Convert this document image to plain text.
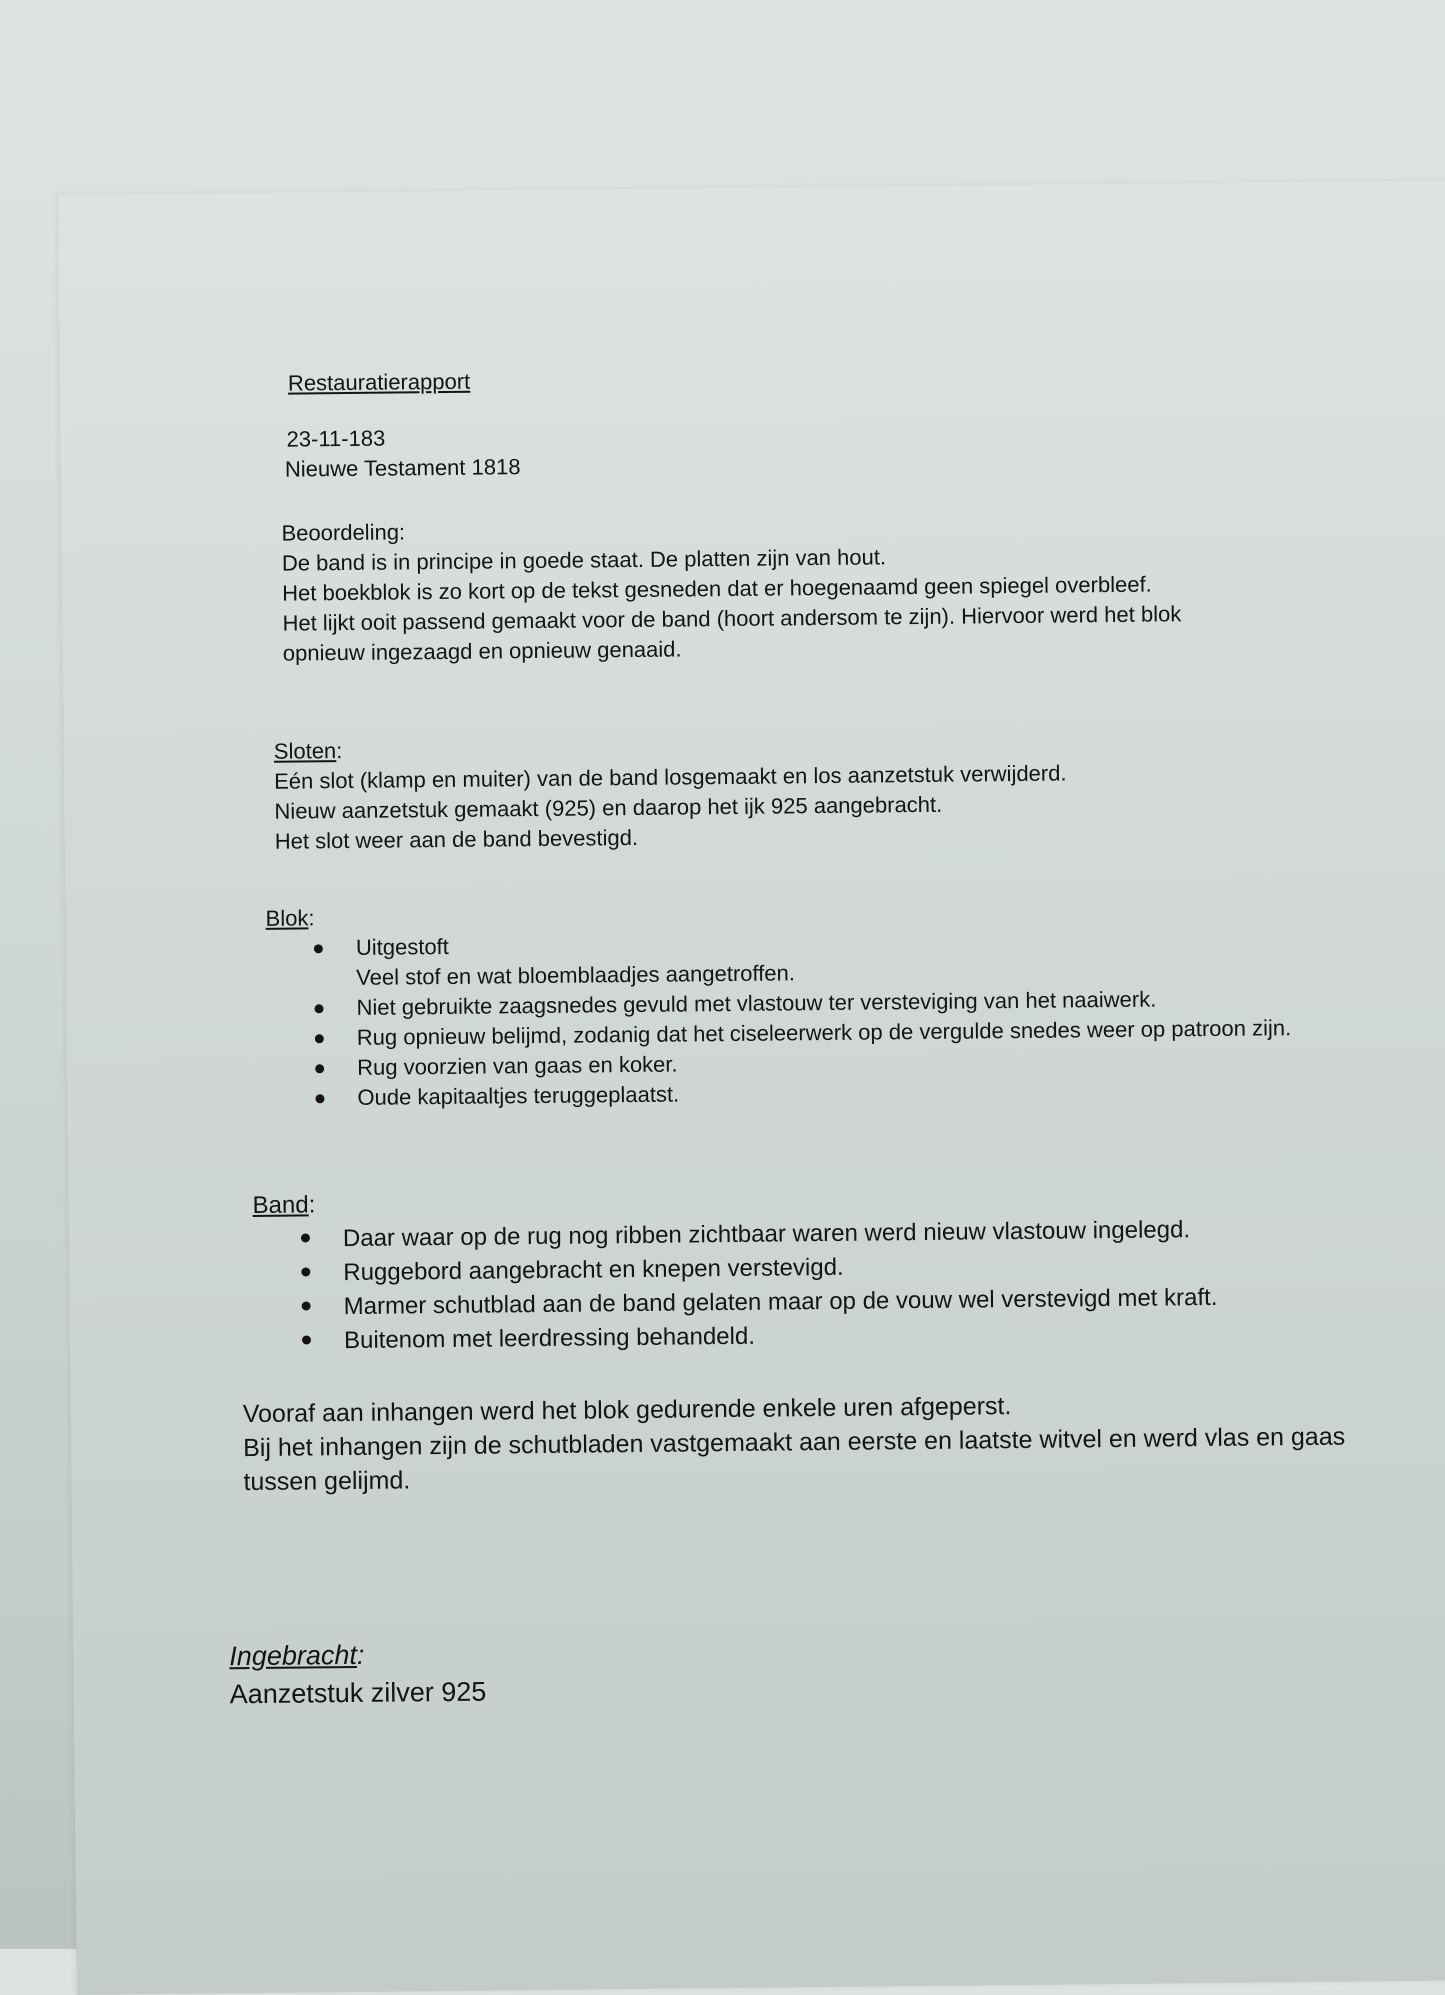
Restauratierapport

23-11-183

Nieuwe Testament 1818

Beoordeling:

De band is in principe in goede staat. De platten zijn van hout.

Het boekblok is zo kort op de tekst gesneden dat er hoegenaamd geen spiegel overbleef.

Het lijkt ooit passend gemaakt voor de band (hoort andersom te zijn). Hiervoor werd het blok

opnieuw ingezaagd en opnieuw genaaid.

Sloten:

Eén slot (klamp en muiter) van de band losgemaakt en los aanzetstuk verwijderd.

Nieuw aanzetstuk gemaakt (925) en daarop het ijk 925 aangebracht.

Het slot weer aan de band bevestigd.

Blok:

Uitgestoft
Veel stof en wat bloemblaadjes aangetroffen.
Niet gebruikte zaagsnedes gevuld met vlastouw ter versteviging van het naaiwerk.
Rug opnieuw belijmd, zodanig dat het ciseleerwerk op de vergulde snedes weer op patroon zijn.
Rug voorzien van gaas en koker.
Oude kapitaaltjes teruggeplaatst.

Band:

Daar waar op de rug nog ribben zichtbaar waren werd nieuw vlastouw ingelegd.
Ruggebord aangebracht en knepen verstevigd.
Marmer schutblad aan de band gelaten maar op de vouw wel verstevigd met kraft.
Buitenom met leerdressing behandeld.

Vooraf aan inhangen werd het blok gedurende enkele uren afgeperst.

Bij het inhangen zijn de schutbladen vastgemaakt aan eerste en laatste witvel en werd vlas en gaas

tussen gelijmd.

Ingebracht:

Aanzetstuk zilver 925
